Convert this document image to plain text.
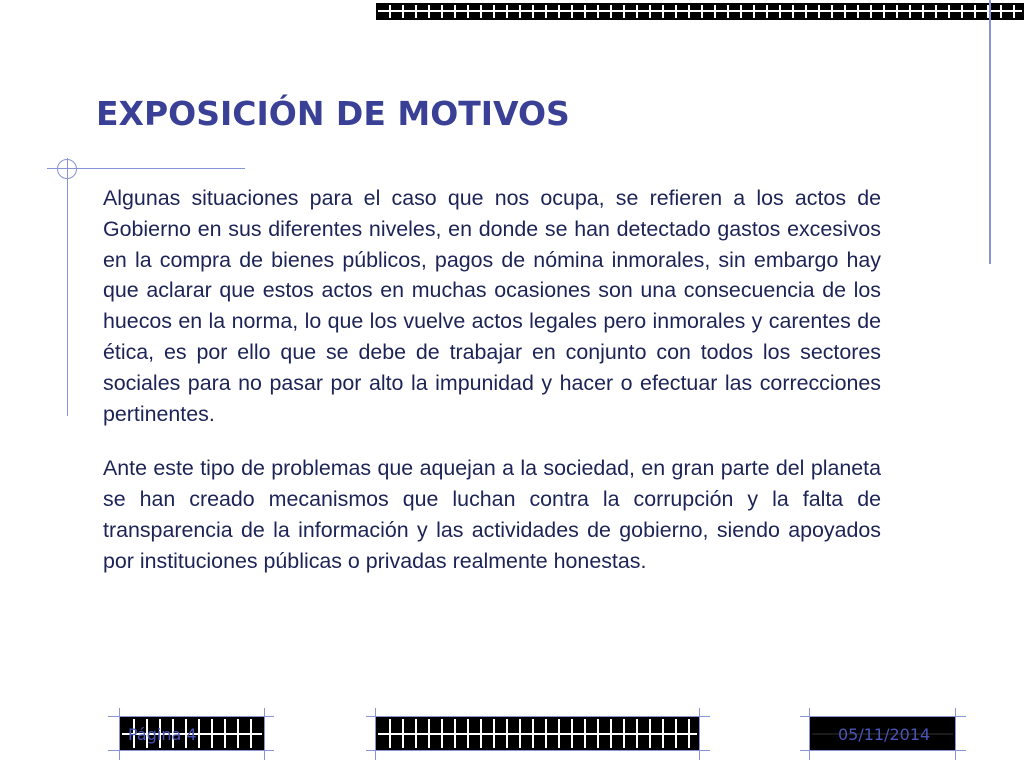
EXPOSICIÓN DE MOTIVOS

Algunas situaciones para el caso que nos ocupa, se refieren a los actos de Gobierno en sus diferentes niveles, en donde se han detectado gastos excesivos en la compra de bienes públicos, pagos de nómina inmorales, sin embargo hay que aclarar que estos actos en muchas ocasiones son una consecuencia de los huecos en la norma, lo que los vuelve actos legales pero inmorales y carentes de ética, es por ello que se debe de trabajar en conjunto con todos los sectores sociales para no pasar por alto la impunidad y hacer o efectuar las correcciones pertinentes.

Ante este tipo de problemas que aquejan a la sociedad, en gran parte del planeta se han creado mecanismos que luchan contra la corrupción y la falta de transparencia de la información y las actividades de gobierno, siendo apoyados por instituciones públicas o privadas realmente honestas.

Página 4	05/11/2014
